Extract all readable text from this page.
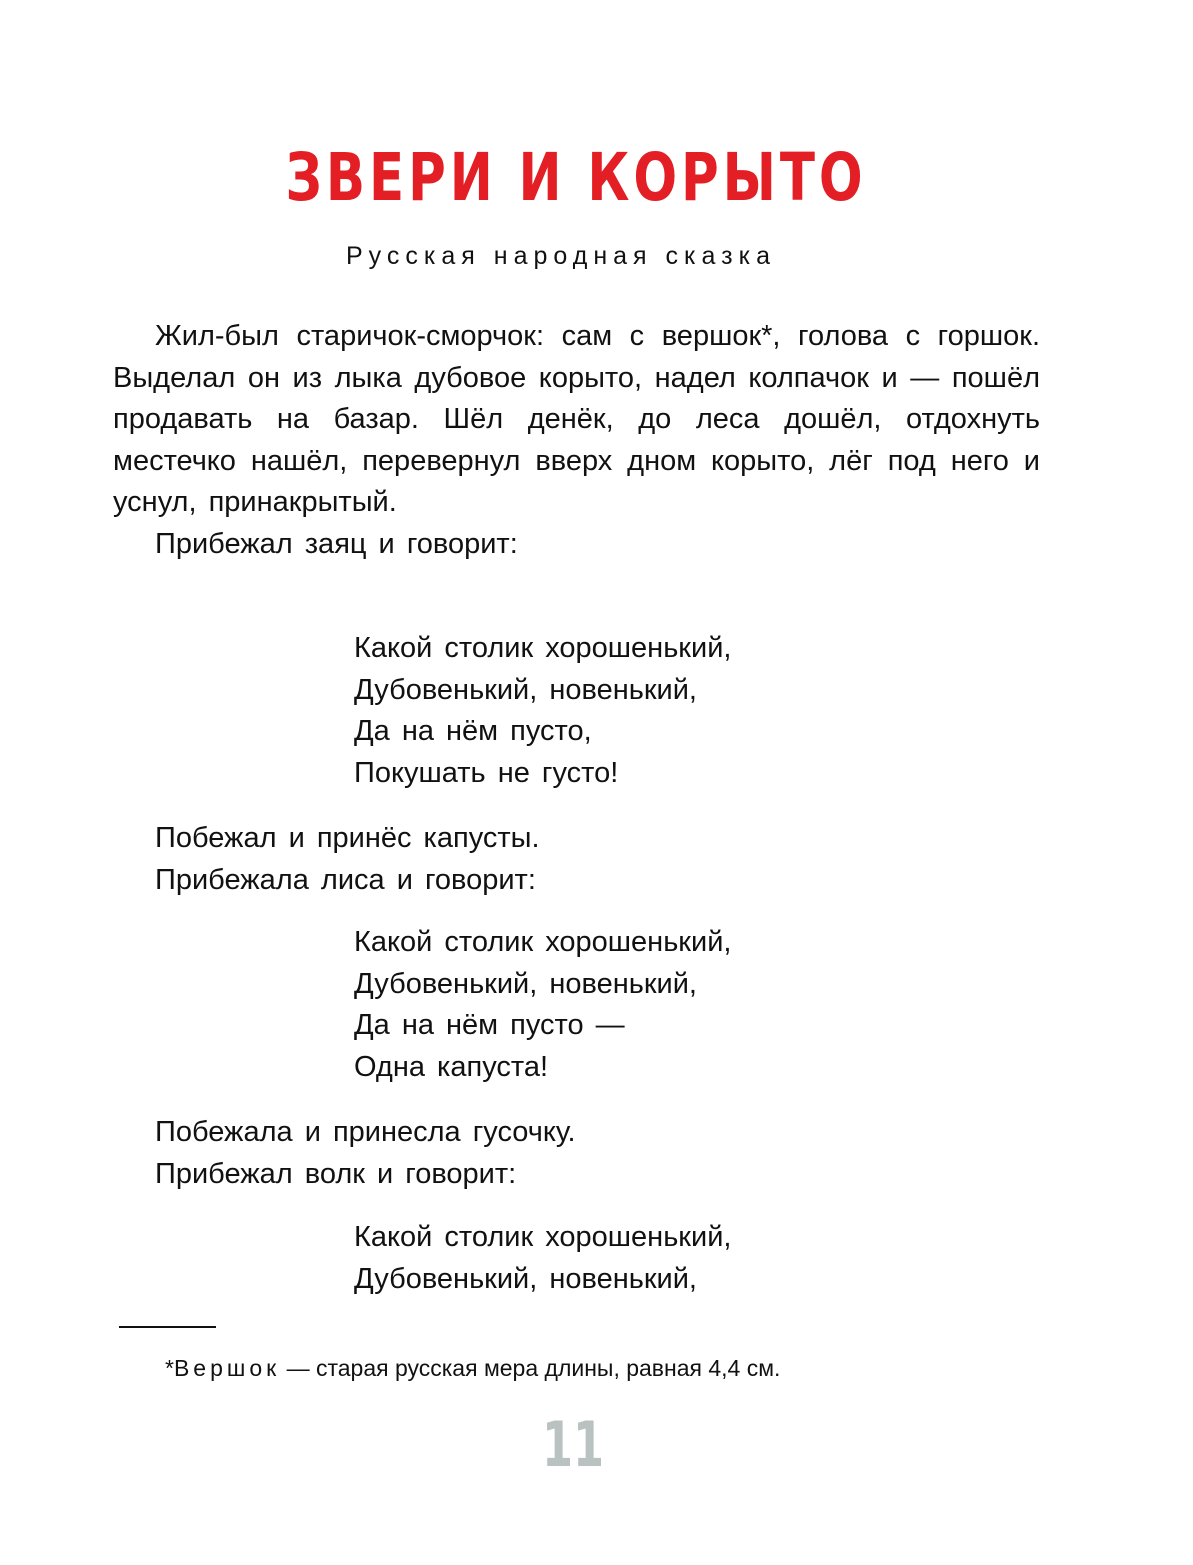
ЗВЕРИ И КОРЫТО
Русская народная сказка

Жил-был старичок-сморчок: сам с вершок*, голова с горшок. Выделал он из лыка дубовое корыто, надел колпачок и — пошёл продавать на базар. Шёл денёк, до леса дошёл, отдохнуть местечко нашёл, перевернул вверх дном корыто, лёг под него и уснул, принакрытый.

Прибежал заяц и говорит:

Какой столик хорошенький,
Дубовенький, новенький,
Да на нём пусто,
Покушать не густо!

Побежал и принёс капусты.

Прибежала лиса и говорит:

Какой столик хорошенький,
Дубовенький, новенький,
Да на нём пусто —
Одна капуста!

Побежала и принесла гусочку.

Прибежал волк и говорит:

Какой столик хорошенький,
Дубовенький, новенький,
*Вершок — старая русская мера длины, равная 4,4 см.
11
